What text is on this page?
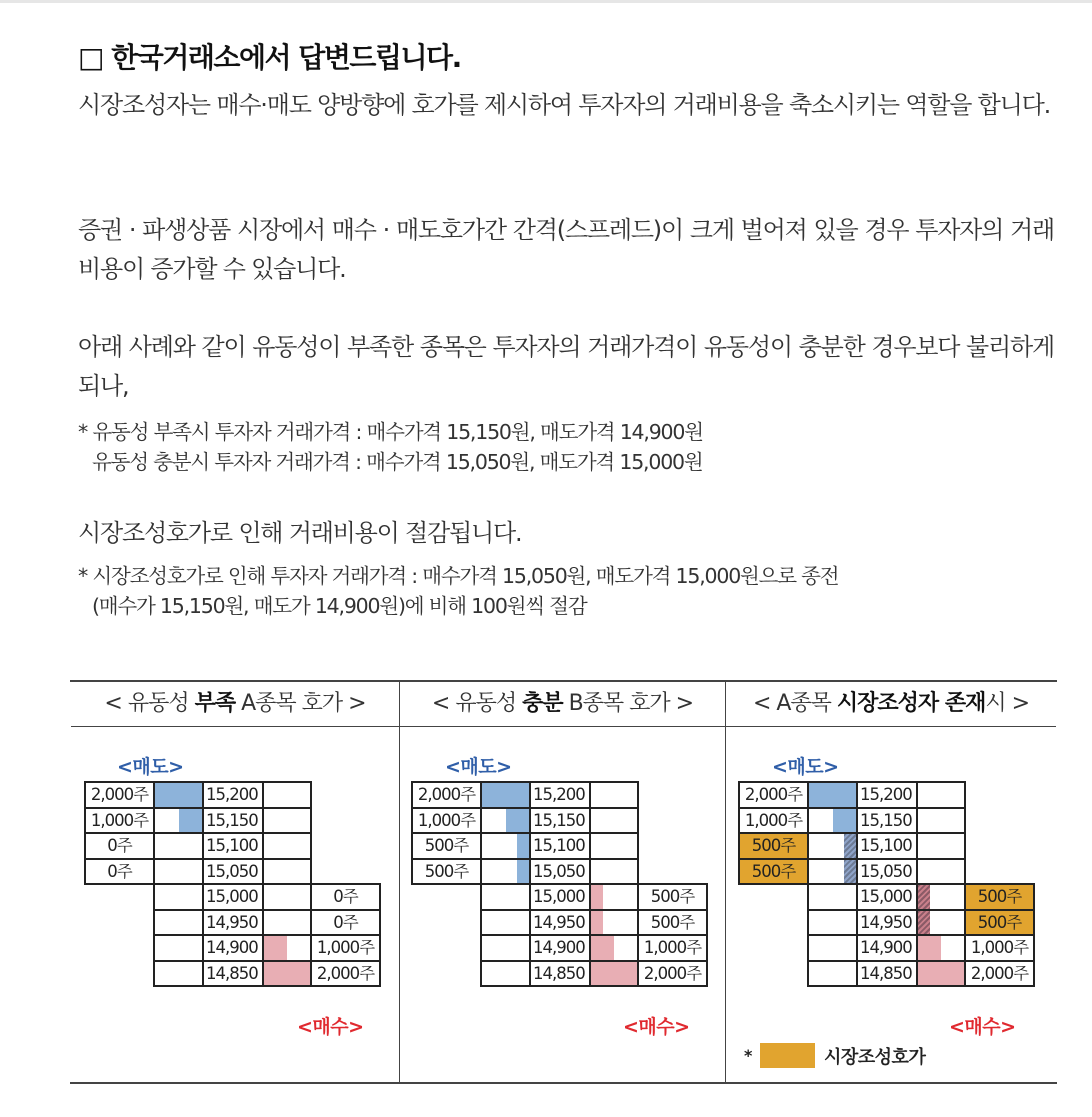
□ 한국거래소에서 답변드립니다.
시장조성자는 매수·매도 양방향에 호가를 제시하여 투자자의 거래비용을 축소시키는 역할을 합니다.
증권 · 파생상품 시장에서 매수 · 매도호가간 간격(스프레드)이 크게 벌어져 있을 경우 투자자의 거래비용이 증가할 수 있습니다.
아래 사례와 같이 유동성이 부족한 종목은 투자자의 거래가격이 유동성이 충분한 경우보다 불리하게 되나,
* 유동성 부족시 투자자 거래가격 : 매수가격 15,150원, 매도가격 14,900원
유동성 충분시 투자자 거래가격 : 매수가격 15,050원, 매도가격 15,000원
시장조성호가로 인해 거래비용이 절감됩니다.
* 시장조성호가로 인해 투자자 거래가격 : 매수가격 15,050원, 매도가격 15,000원으로 종전
(매수가 15,150원, 매도가 14,900원)에 비해 100원씩 절감
< 유동성 부족 A종목 호가 >
<매도>
<매수>
2,000주		15,200		
1,000주		15,150		
0주		15,100		
0주		15,050		
		15,000		0주
		14,950		0주
		14,900		1,000주
		14,850		2,000주
< 유동성 충분 B종목 호가 >
<매도>
<매수>
2,000주		15,200		
1,000주		15,150		
500주		15,100		
500주		15,050		
		15,000		500주
		14,950		500주
		14,900		1,000주
		14,850		2,000주
< A종목 시장조성자 존재시 >
<매도>
<매수>
2,000주		15,200		
1,000주		15,150		
500주		15,100		
500주		15,050		
		15,000		500주
		14,950		500주
		14,900		1,000주
		14,850		2,000주
*	시장조성호가
